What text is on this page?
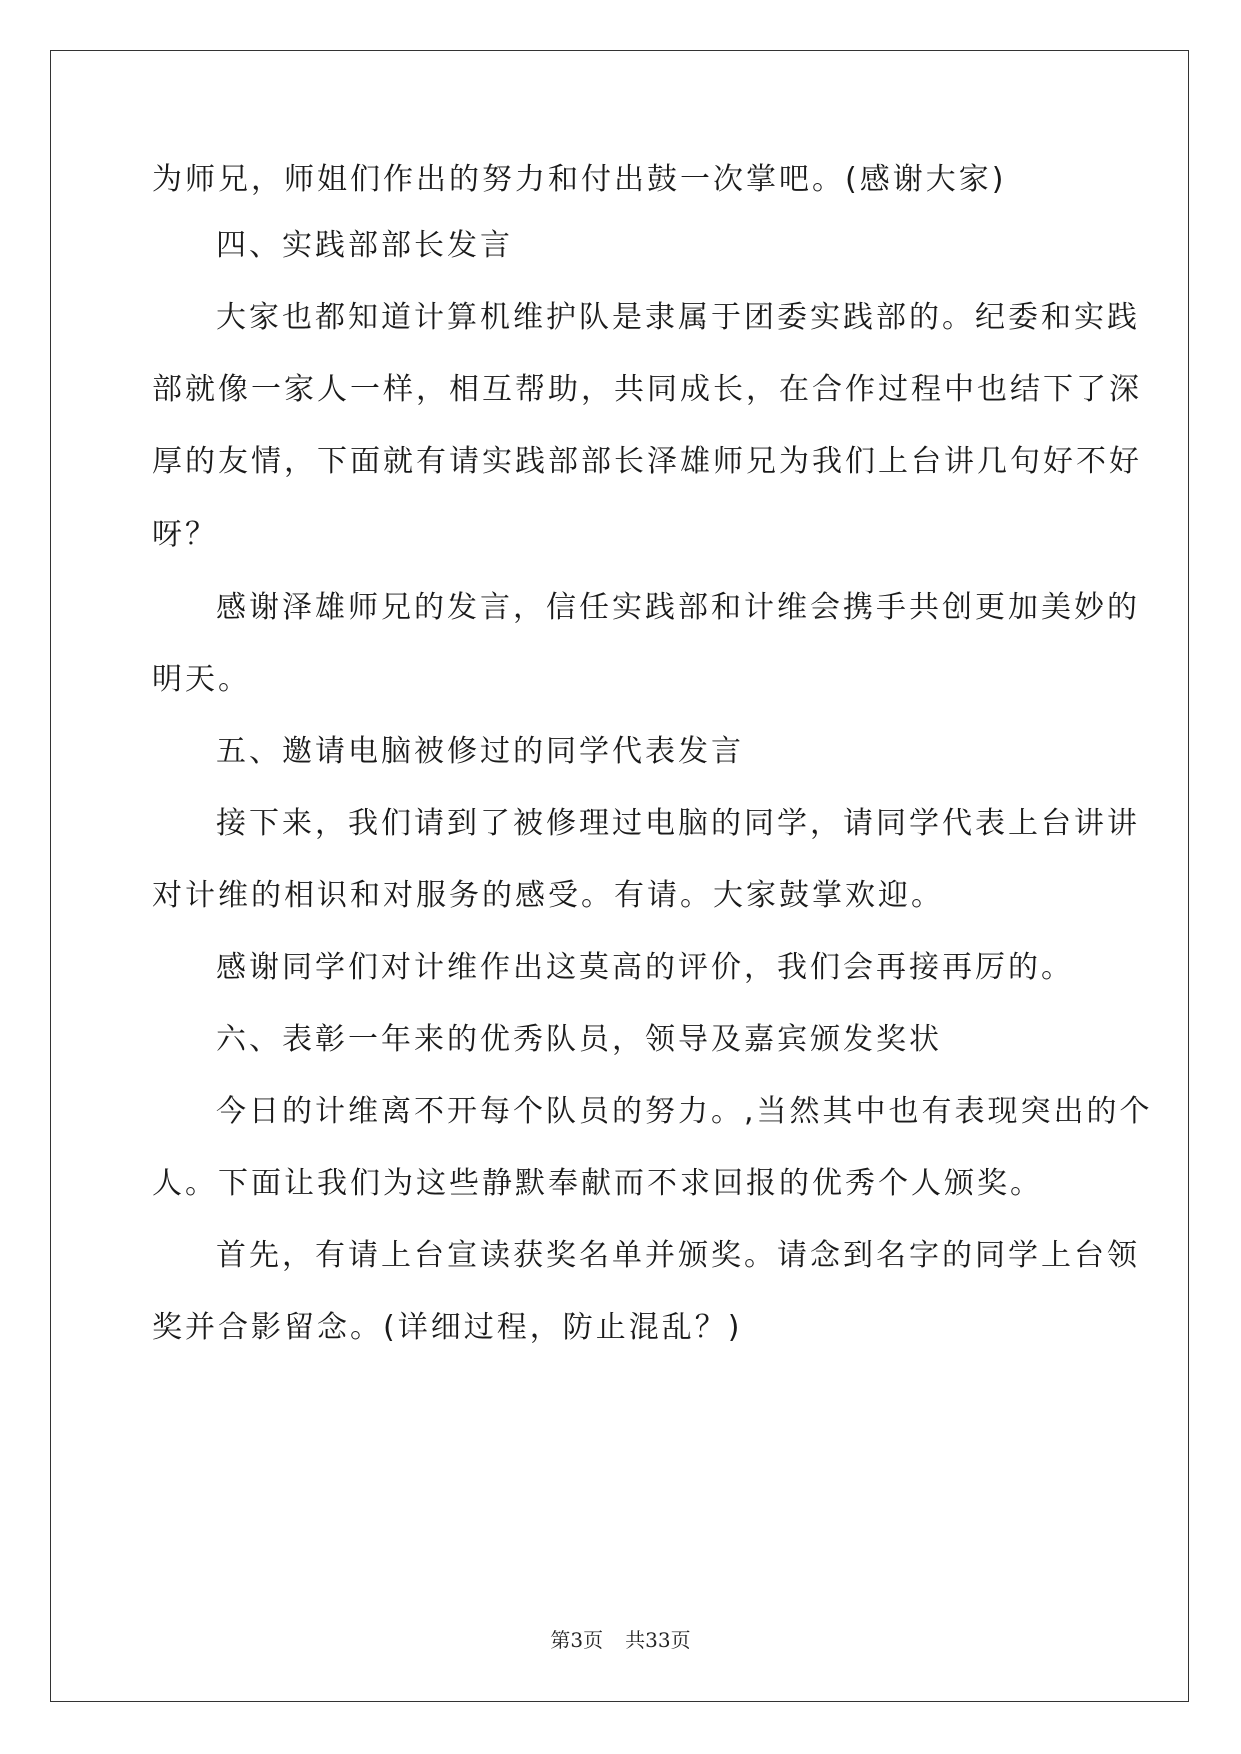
为师兄，师姐们作出的努力和付出鼓一次掌吧。(感谢大家)
四、实践部部长发言
大家也都知道计算机维护队是隶属于团委实践部的。纪委和实践
部就像一家人一样，相互帮助，共同成长，在合作过程中也结下了深
厚的友情，下面就有请实践部部长泽雄师兄为我们上台讲几句好不好
呀？
感谢泽雄师兄的发言，信任实践部和计维会携手共创更加美妙的
明天。
五、邀请电脑被修过的同学代表发言
接下来，我们请到了被修理过电脑的同学，请同学代表上台讲讲
对计维的相识和对服务的感受。有请。大家鼓掌欢迎。
感谢同学们对计维作出这莫高的评价，我们会再接再厉的。
六、表彰一年来的优秀队员，领导及嘉宾颁发奖状
今日的计维离不开每个队员的努力。,当然其中也有表现突出的个
人。下面让我们为这些静默奉献而不求回报的优秀个人颁奖。
首先，有请上台宣读获奖名单并颁奖。请念到名字的同学上台领
奖并合影留念。(详细过程，防止混乱？)
第3页 共33页
